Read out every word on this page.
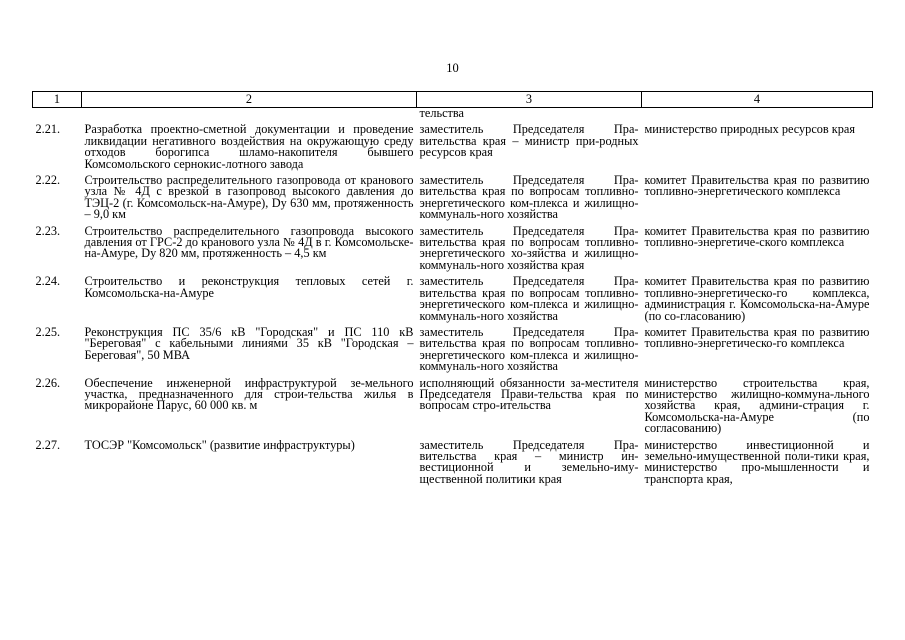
10
1	2	3	4
		тельства	
2.21.	Разработка проектно-сметной документации и проведение ликвидации негативного воздействия на окружающую среду отходов борогипса шламо-накопителя бывшего Комсомольского сернокис-лотного завода	заместитель Председателя Пра-вительства края – министр при-родных ресурсов края	министерство природных ресурсов края
2.22.	Строительство распределительного газопровода от кранового узла № 4Д с врезкой в газопровод высокого давления до ТЭЦ-2 (г. Комсомольск-на-Амуре), Dy 630 мм, протяженность – 9,0 км	заместитель Председателя Пра-вительства края по вопросам топливно-энергетического ком-плекса и жилищно-коммуналь-ного хозяйства	комитет Правительства края по развитию топливно-энергетического комплекса
2.23.	Строительство распределительного газопровода высокого давления от ГРС-2 до кранового узла № 4Д в г. Комсомольске-на-Амуре, Dy 820 мм, протяженность – 4,5 км	заместитель Председателя Пра-вительства края по вопросам топливно-энергетического хо-зяйства и жилищно-коммуналь-ного хозяйства края	комитет Правительства края по развитию топливно-энергетиче-ского комплекса
2.24.	Строительство и реконструкция тепловых сетей г. Комсомольска-на-Амуре	заместитель Председателя Пра-вительства края по вопросам топливно-энергетического ком-плекса и жилищно-коммуналь-ного хозяйства	комитет Правительства края по развитию топливно-энергетическо-го комплекса, администрация г. Комсомольска-на-Амуре (по со-гласованию)
2.25.	Реконструкция ПС 35/6 кВ "Городская" и ПС 110 кВ "Береговая" с кабельными линиями 35 кВ "Городская – Береговая", 50 МВА	заместитель Председателя Пра-вительства края по вопросам топливно-энергетического ком-плекса и жилищно-коммуналь-ного хозяйства	комитет Правительства края по развитию топливно-энергетическо-го комплекса
2.26.	Обеспечение инженерной инфраструктурой зе-мельного участка, предназначенного для строи-тельства жилья в микрорайоне Парус, 60 000 кв. м	исполняющий обязанности за-местителя Председателя Прави-тельства края по вопросам стро-ительства	министерство строительства края, министерство жилищно-коммуна-льного хозяйства края, админи-страция г. Комсомольска-на-Амуре (по согласованию)
2.27.	ТОСЭР "Комсомольск" (развитие инфраструктуры)	заместитель Председателя Пра-вительства края – министр ин-вестиционной и земельно-иму-щественной политики края	министерство инвестиционной и земельно-имущественной поли-тики края, министерство про-мышленности и транспорта края,
